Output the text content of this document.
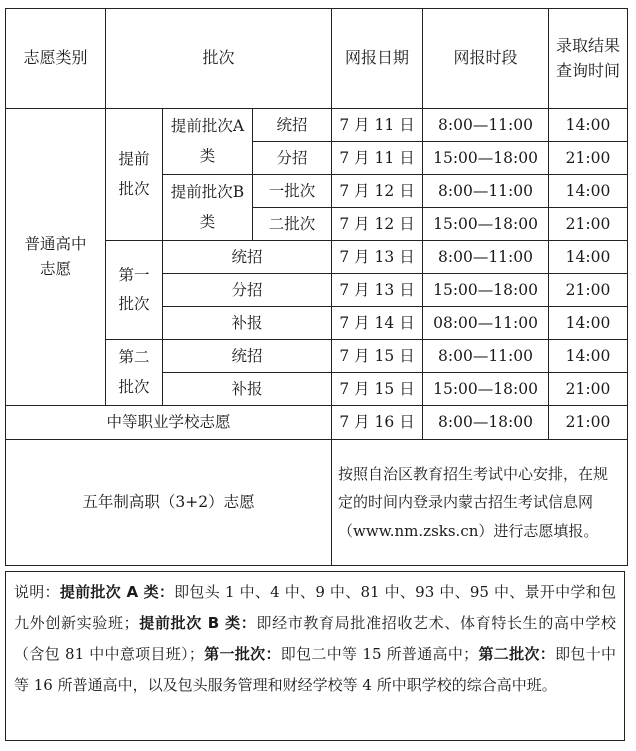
志愿类别	批次			网报日期	网报时段	录取结果
查询时间

普通高中志愿	提前批次	提前批次A类	统招	7 月 11 日	8:00—11:00	14:00
			分招	7 月 11 日	15:00—18:00	21:00

		提前批次B类	一批次	7 月 12 日	8:00—11:00	14:00
			二批次	7 月 12 日	15:00—18:00	21:00

	第一批次	统招		7 月 13 日	8:00—11:00	14:00
		分招		7 月 13 日	15:00—18:00	21:00
		补报		7 月 14 日	08:00—11:00	14:00

	第二批次	统招		7 月 15 日	8:00—11:00	14:00
		补报		7 月 15 日	15:00—18:00	21:00
中等职业学校志愿				7 月 16 日	8:00—18:00	21:00
五年制高职（3+2）志愿				按照自治区教育招生考试中心安排，在规定的时间内登录内蒙古招生考试信息网（www.nm.zsks.cn）进行志愿填报。		
说明：提前批次 A 类：即包头 1 中、4 中、9 中、81 中、93 中、95 中、景开中学和包九外创新实验班；提前批次 B 类：即经市教育局批准招收艺术、体育特长生的高中学校（含包 81 中中意项目班）；第一批次：即包二中等 15 所普通高中；第二批次：即包十中等 16 所普通高中，以及包头服务管理和财经学校等 4 所中职学校的综合高中班。
